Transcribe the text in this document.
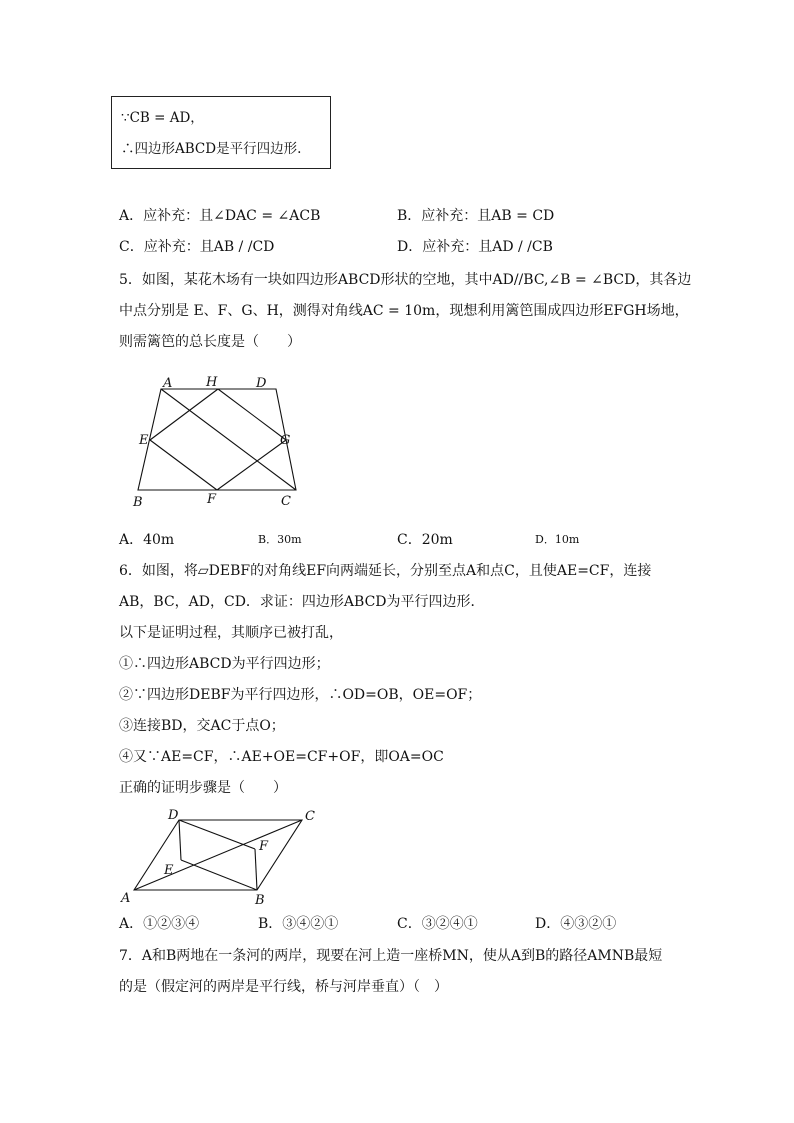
∵CB = AD，
∴四边形ABCD是平行四边形.
A．应补充：且∠DAC = ∠ACB	B．应补充：且AB = CD
C．应补充：且AB / /CD	D．应补充：且AD / /CB
5．如图，某花木场有一块如四边形ABCD形状的空地，其中AD//BC,∠B = ∠BCD，其各边
中点分别是 E、F、G、H，测得对角线AC = 10m，现想利用篱笆围成四边形EFGH场地，
则需篱笆的总长度是（　　）
A	H	D
E	G
B	F	C
A．40m	B．30m	C．20m	D．10m
6．如图，将▱DEBF的对角线EF向两端延长，分别至点A和点C，且使AE=CF，连接
AB，BC，AD，CD．求证：四边形ABCD为平行四边形．
以下是证明过程，其顺序已被打乱，
①∴四边形ABCD为平行四边形；
②∵四边形DEBF为平行四边形，∴OD=OB，OE=OF；
③连接BD，交AC于点O；
④又∵AE=CF，∴AE+OE=CF+OF，即OA=OC
正确的证明步骤是（　　）
D	C
F
E
A	B
A．①②③④	B．③④②①	C．③②④①	D．④③②①
7．A和B两地在一条河的两岸，现要在河上造一座桥MN，使从A到B的路径AMNB最短
的是（假定河的两岸是平行线，桥与河岸垂直）（　）
